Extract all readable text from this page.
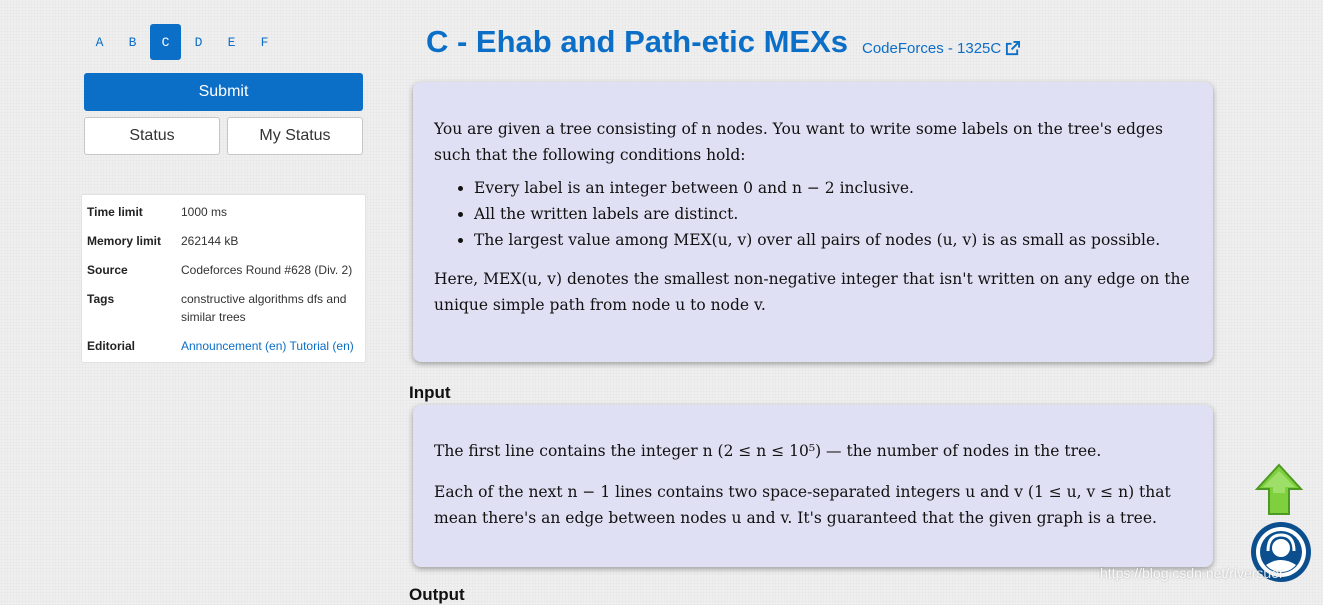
A	B	C	D	E	F
Submit
Status	My Status
Time limit	1000 ms
Memory limit	262144 kB
Source	Codeforces Round #628 (Div. 2)
Tags	constructive algorithms dfs and similar trees
Editorial	Announcement (en) Tutorial (en)
C - Ehab and Path-etic MEXs CodeForces - 1325C

You are given a tree consisting of n nodes. You want to write some labels on the tree's edges such that the following conditions hold:

• Every label is an integer between 0 and n − 2 inclusive.
• All the written labels are distinct.
• The largest value among MEX(u, v) over all pairs of nodes (u, v) is as small as possible.

Here, MEX(u, v) denotes the smallest non-negative integer that isn't written on any edge on the unique simple path from node u to node v.

Input

The first line contains the integer n (2 ≤ n ≤ 10⁵) — the number of nodes in the tree.

Each of the next n − 1 lines contains two space-separated integers u and v (1 ≤ u, v ≤ n) that mean there's an edge between nodes u and v. It's guaranteed that the given graph is a tree.

Output
https://blog.csdn.net/riversuer
